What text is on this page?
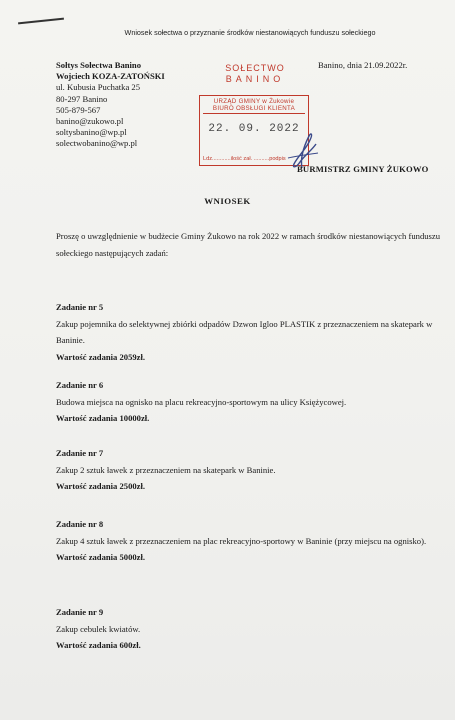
Wniosek sołectwa o przyznanie środków niestanowiących funduszu sołeckiego
Sołtys Sołectwa Banino
Wojciech KOZA-ZATOŃSKI
ul. Kubusia Puchatka 25
80-297 Banino
505-879-567
banino@zukowo.pl
soltysbanino@wp.pl
solectwobanino@wp.pl
Banino, dnia 21.09.2022r.
SOŁECTWO
BANINO
URZĄD GMINY w Żukowie
BIURO OBSŁUGI KLIENTA
22. 09. 2022
Ldz............ilość zał. ..........podpis
BURMISTRZ GMINY ŻUKOWO
WNIOSEK
Proszę o uwzględnienie w budżecie Gminy Żukowo na rok 2022 w ramach środków niestanowiących funduszu sołeckiego następujących zadań:
Zadanie nr 5
Zakup pojemnika do selektywnej zbiórki odpadów Dzwon Igloo PLASTIK z przeznaczeniem na skatepark w Baninie.
Wartość zadania 2059zł.
Zadanie nr 6
Budowa miejsca na ognisko na placu rekreacyjno-sportowym na ulicy Księżycowej.
Wartość zadania 10000zł.
Zadanie nr 7
Zakup 2 sztuk ławek z przeznaczeniem na skatepark w Baninie.
Wartość zadania 2500zł.
Zadanie nr 8
Zakup 4 sztuk ławek z przeznaczeniem na plac rekreacyjno-sportowy w Baninie (przy miejscu na ognisko).
Wartość zadania 5000zł.
Zadanie nr 9
Zakup cebulek kwiatów.
Wartość zadania 600zł.
